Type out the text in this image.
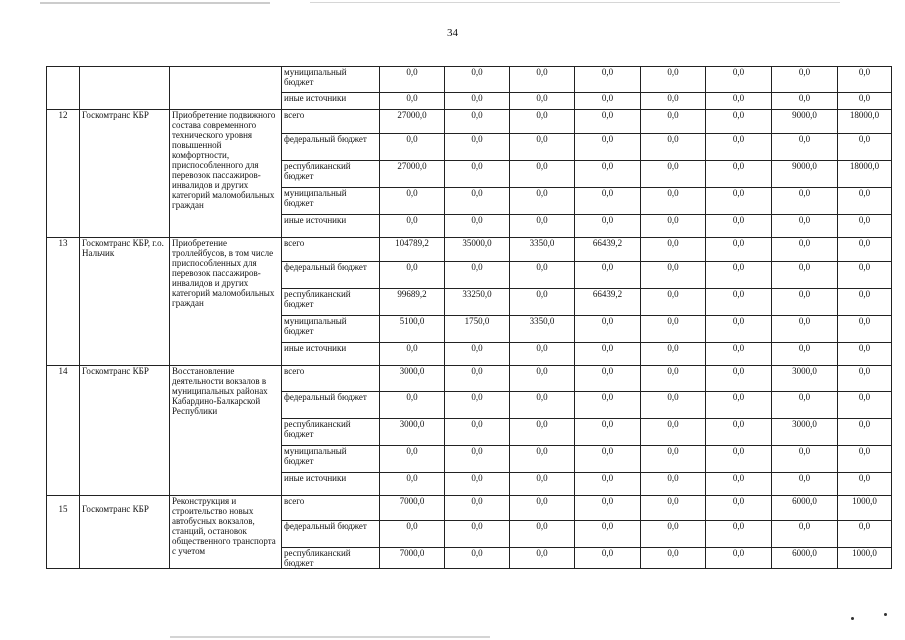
34
			муниципальный бюджет	0,0	0,0	0,0	0,0	0,0	0,0	0,0	0,0
			иные источники	0,0	0,0	0,0	0,0	0,0	0,0	0,0	0,0
12	Госкомтранс КБР	Приобретение подвижного состава современного технического уровня повышенной комфортности, приспособленного для перевозок пассажиров-инвалидов и других категорий маломобильных граждан	всего	27000,0	0,0	0,0	0,0	0,0	0,0	9000,0	18000,0
			федеральный бюджет	0,0	0,0	0,0	0,0	0,0	0,0	0,0	0,0
			республиканский бюджет	27000,0	0,0	0,0	0,0	0,0	0,0	9000,0	18000,0
			муниципальный бюджет	0,0	0,0	0,0	0,0	0,0	0,0	0,0	0,0
			иные источники	0,0	0,0	0,0	0,0	0,0	0,0	0,0	0,0
13	Госкомтранс КБР, г.о. Нальчик	Приобретение троллейбусов, в том числе приспособленных для перевозок пассажиров-инвалидов и других категорий маломобильных граждан	всего	104789,2	35000,0	3350,0	66439,2	0,0	0,0	0,0	0,0
			федеральный бюджет	0,0	0,0	0,0	0,0	0,0	0,0	0,0	0,0
			республиканский бюджет	99689,2	33250,0	0,0	66439,2	0,0	0,0	0,0	0,0
			муниципальный бюджет	5100,0	1750,0	3350,0	0,0	0,0	0,0	0,0	0,0
			иные источники	0,0	0,0	0,0	0,0	0,0	0,0	0,0	0,0
14	Госкомтранс КБР	Восстановление деятельности вокзалов в муниципальных районах Кабардино-Балкарской Республики	всего	3000,0	0,0	0,0	0,0	0,0	0,0	3000,0	0,0
			федеральный бюджет	0,0	0,0	0,0	0,0	0,0	0,0	0,0	0,0
			республиканский бюджет	3000,0	0,0	0,0	0,0	0,0	0,0	3000,0	0,0
			муниципальный бюджет	0,0	0,0	0,0	0,0	0,0	0,0	0,0	0,0
			иные источники	0,0	0,0	0,0	0,0	0,0	0,0	0,0	0,0
15	Госкомтранс КБР	Реконструкция и строительство новых автобусных вокзалов, станций, остановок общественного транспорта с учетом	всего	7000,0	0,0	0,0	0,0	0,0	0,0	6000,0	1000,0
			федеральный бюджет	0,0	0,0	0,0	0,0	0,0	0,0	0,0	0,0
			республиканский бюджет	7000,0	0,0	0,0	0,0	0,0	0,0	6000,0	1000,0
